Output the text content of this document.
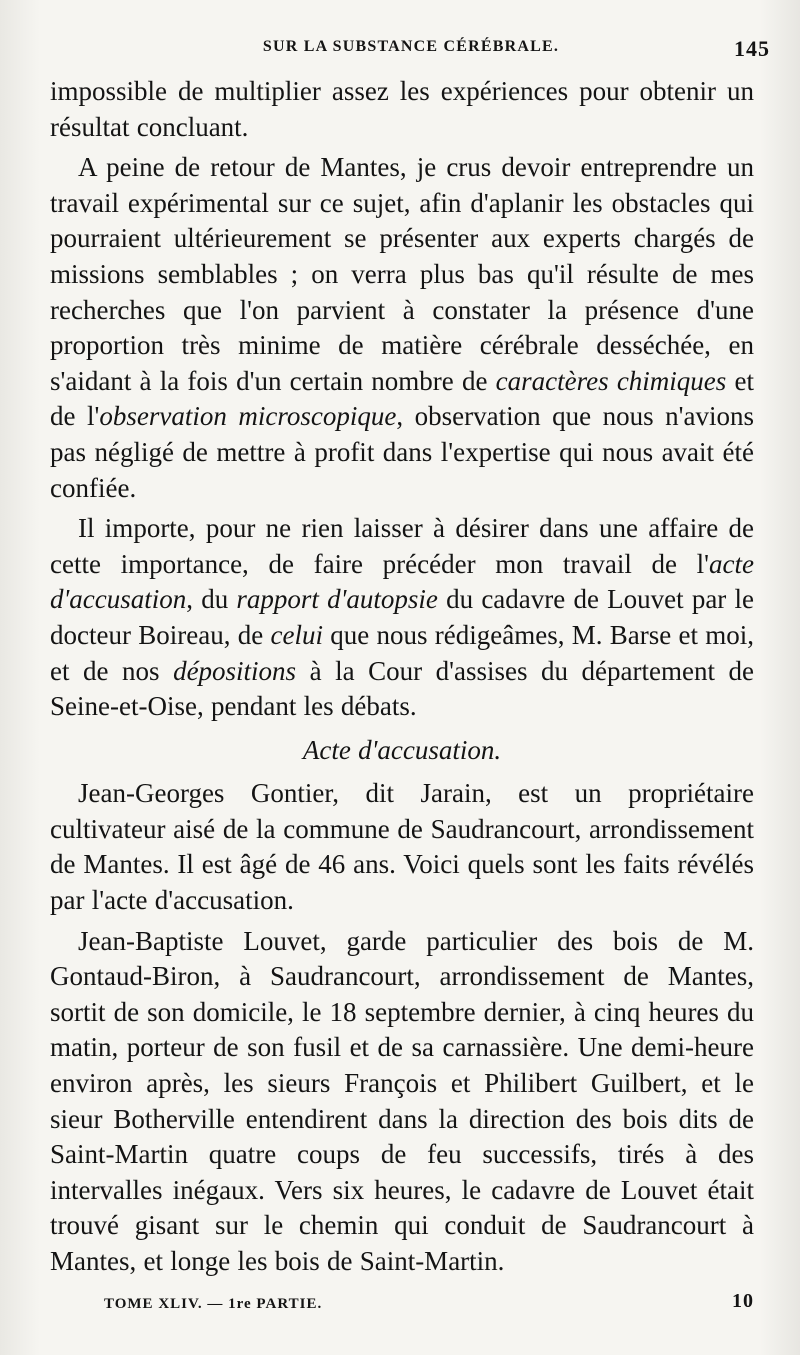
SUR LA SUBSTANCE CÉRÉBRALE.	145

impossible de multiplier assez les expériences pour obtenir un résultat concluant.

A peine de retour de Mantes, je crus devoir entreprendre un travail expérimental sur ce sujet, afin d'aplanir les obstacles qui pourraient ultérieurement se présenter aux experts chargés de missions semblables ; on verra plus bas qu'il résulte de mes recherches que l'on parvient à constater la présence d'une proportion très minime de matière cérébrale desséchée, en s'aidant à la fois d'un certain nombre de caractères chimiques et de l'observation microscopique, observation que nous n'avions pas négligé de mettre à profit dans l'expertise qui nous avait été confiée.

Il importe, pour ne rien laisser à désirer dans une affaire de cette importance, de faire précéder mon travail de l'acte d'accusation, du rapport d'autopsie du cadavre de Louvet par le docteur Boireau, de celui que nous rédigeâmes, M. Barse et moi, et de nos dépositions à la Cour d'assises du département de Seine-et-Oise, pendant les débats.

Acte d'accusation.

Jean-Georges Gontier, dit Jarain, est un propriétaire cultivateur aisé de la commune de Saudrancourt, arrondissement de Mantes. Il est âgé de 46 ans. Voici quels sont les faits révélés par l'acte d'accusation.

Jean-Baptiste Louvet, garde particulier des bois de M. Gontaud-Biron, à Saudrancourt, arrondissement de Mantes, sortit de son domicile, le 18 septembre dernier, à cinq heures du matin, porteur de son fusil et de sa carnassière. Une demi-heure environ après, les sieurs François et Philibert Guilbert, et le sieur Botherville entendirent dans la direction des bois dits de Saint-Martin quatre coups de feu successifs, tirés à des intervalles inégaux. Vers six heures, le cadavre de Louvet était trouvé gisant sur le chemin qui conduit de Saudrancourt à Mantes, et longe les bois de Saint-Martin.

TOME XLIV. — 1re PARTIE.	10
